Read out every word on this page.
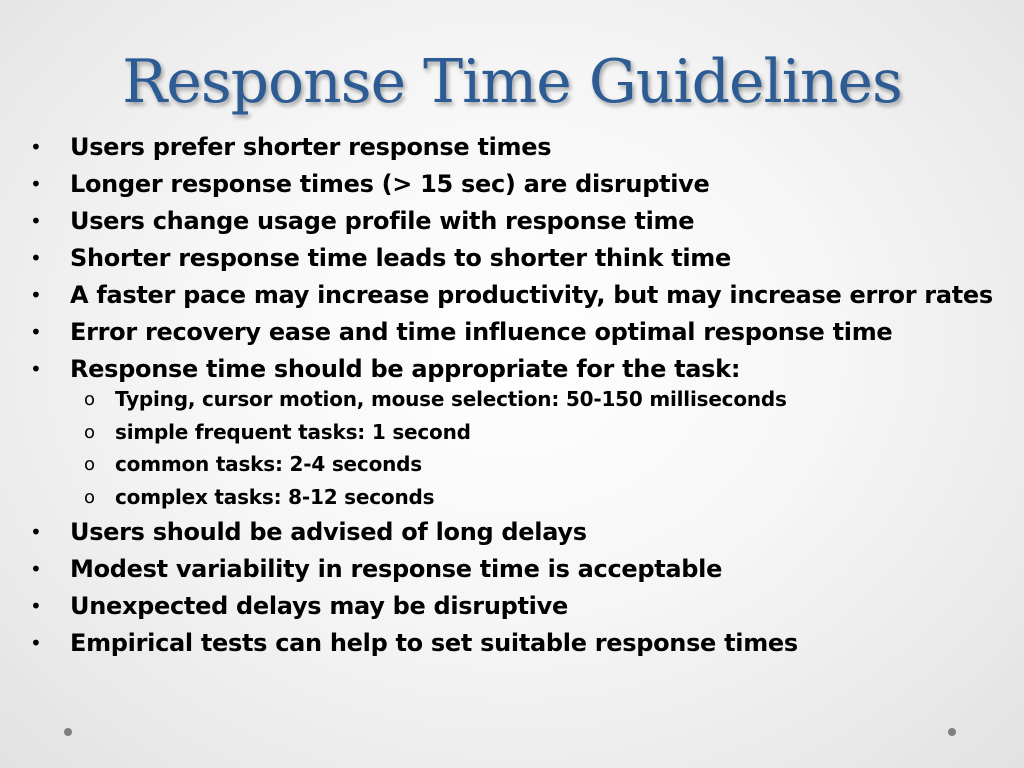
Response Time Guidelines
• Users prefer shorter response times
• Longer response times (> 15 sec) are disruptive
• Users change usage profile with response time
• Shorter response time leads to shorter think time
• A faster pace may increase productivity, but may increase error rates
• Error recovery ease and time influence optimal response time
• Response time should be appropriate for the task:
o Typing, cursor motion, mouse selection: 50-150 milliseconds
o simple frequent tasks: 1 second
o common tasks: 2-4 seconds
o complex tasks: 8-12 seconds
• Users should be advised of long delays
• Modest variability in response time is acceptable
• Unexpected delays may be disruptive
• Empirical tests can help to set suitable response times
